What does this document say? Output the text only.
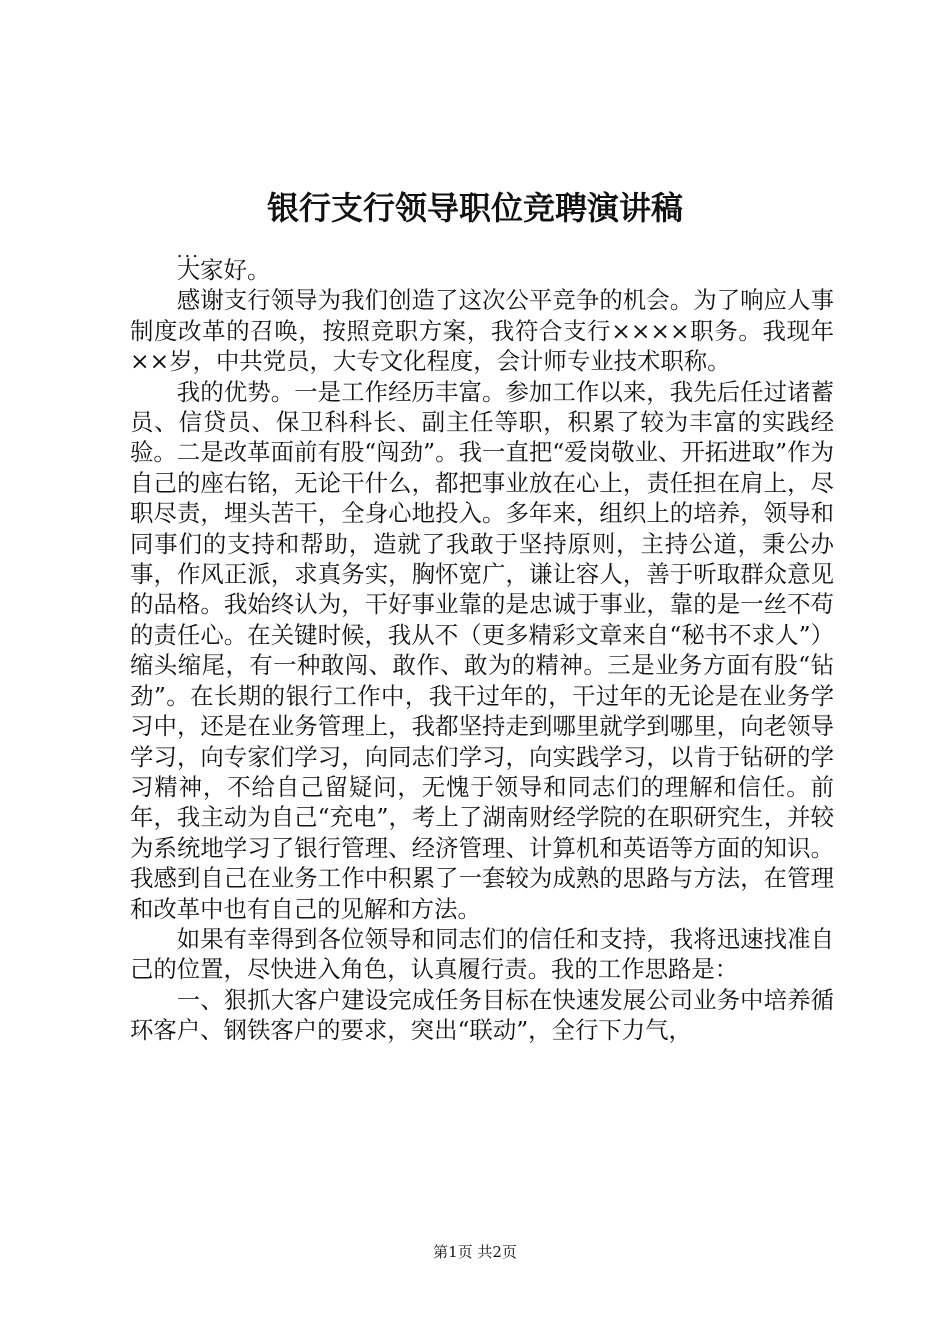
银行支行领导职位竞聘演讲稿

...

大家好。

感谢支行领导为我们创造了这次公平竞争的机会。为了响应人事制度改革的召唤，按照竞职方案，我符合支行××××职务。我现年××岁，中共党员，大专文化程度，会计师专业技术职称。

我的优势。一是工作经历丰富。参加工作以来，我先后任过诸蓄员、信贷员、保卫科科长、副主任等职，积累了较为丰富的实践经验。二是改革面前有股“闯劲”。我一直把“爱岗敬业、开拓进取”作为自己的座右铭，无论干什么，都把事业放在心上，责任担在肩上，尽职尽责，埋头苦干，全身心地投入。多年来，组织上的培养，领导和同事们的支持和帮助，造就了我敢于坚持原则，主持公道，秉公办事，作风正派，求真务实，胸怀宽广，谦让容人，善于听取群众意见的品格。我始终认为，干好事业靠的是忠诚于事业，靠的是一丝不苟的责任心。在关键时候，我从不（更多精彩文章来自“秘书不求人”）缩头缩尾，有一种敢闯、敢作、敢为的精神。三是业务方面有股“钻劲”。在长期的银行工作中，我干过年的，干过年的无论是在业务学习中，还是在业务管理上，我都坚持走到哪里就学到哪里，向老领导学习，向专家们学习，向同志们学习，向实践学习，以肯于钻研的学习精神，不给自己留疑问，无愧于领导和同志们的理解和信任。前年，我主动为自己“充电”，考上了湖南财经学院的在职研究生，并较为系统地学习了银行管理、经济管理、计算机和英语等方面的知识。我感到自己在业务工作中积累了一套较为成熟的思路与方法，在管理和改革中也有自己的见解和方法。

如果有幸得到各位领导和同志们的信任和支持，我将迅速找准自己的位置，尽快进入角色，认真履行责。我的工作思路是：

一、狠抓大客户建设完成任务目标在快速发展公司业务中培养循环客户、钢铁客户的要求，突出“联动”，全行下力气，

第1页 共2页
